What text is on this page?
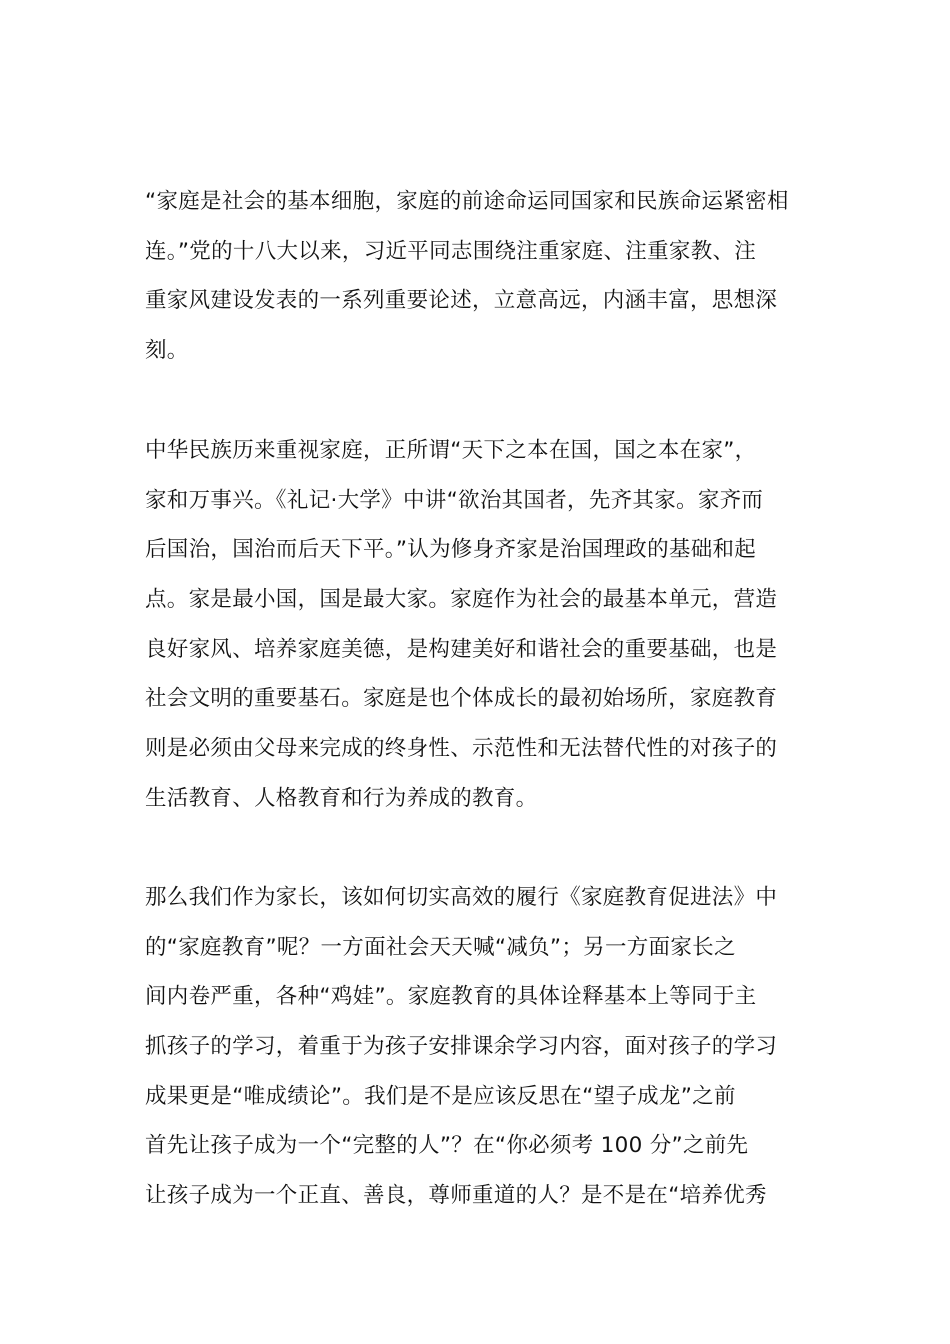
“家庭是社会的基本细胞，家庭的前途命运同国家和民族命运紧密相
连。”党的十八大以来，习近平同志围绕注重家庭、注重家教、注
重家风建设发表的一系列重要论述，立意高远，内涵丰富，思想深
刻。

中华民族历来重视家庭，正所谓“天下之本在国，国之本在家”，
家和万事兴。《礼记·大学》中讲“欲治其国者，先齐其家。家齐而
后国治，国治而后天下平。”认为修身齐家是治国理政的基础和起
点。家是最小国，国是最大家。家庭作为社会的最基本单元，营造
良好家风、培养家庭美德，是构建美好和谐社会的重要基础，也是
社会文明的重要基石。家庭是也个体成长的最初始场所，家庭教育
则是必须由父母来完成的终身性、示范性和无法替代性的对孩子的
生活教育、人格教育和行为养成的教育。

那么我们作为家长，该如何切实高效的履行《家庭教育促进法》中
的“家庭教育”呢？一方面社会天天喊“减负”；另一方面家长之
间内卷严重，各种“鸡娃”。家庭教育的具体诠释基本上等同于主
抓孩子的学习，着重于为孩子安排课余学习内容，面对孩子的学习
成果更是“唯成绩论”。我们是不是应该反思在“望子成龙”之前
首先让孩子成为一个“完整的人”？在“你必须考 100 分”之前先
让孩子成为一个正直、善良，尊师重道的人？是不是在“培养优秀
